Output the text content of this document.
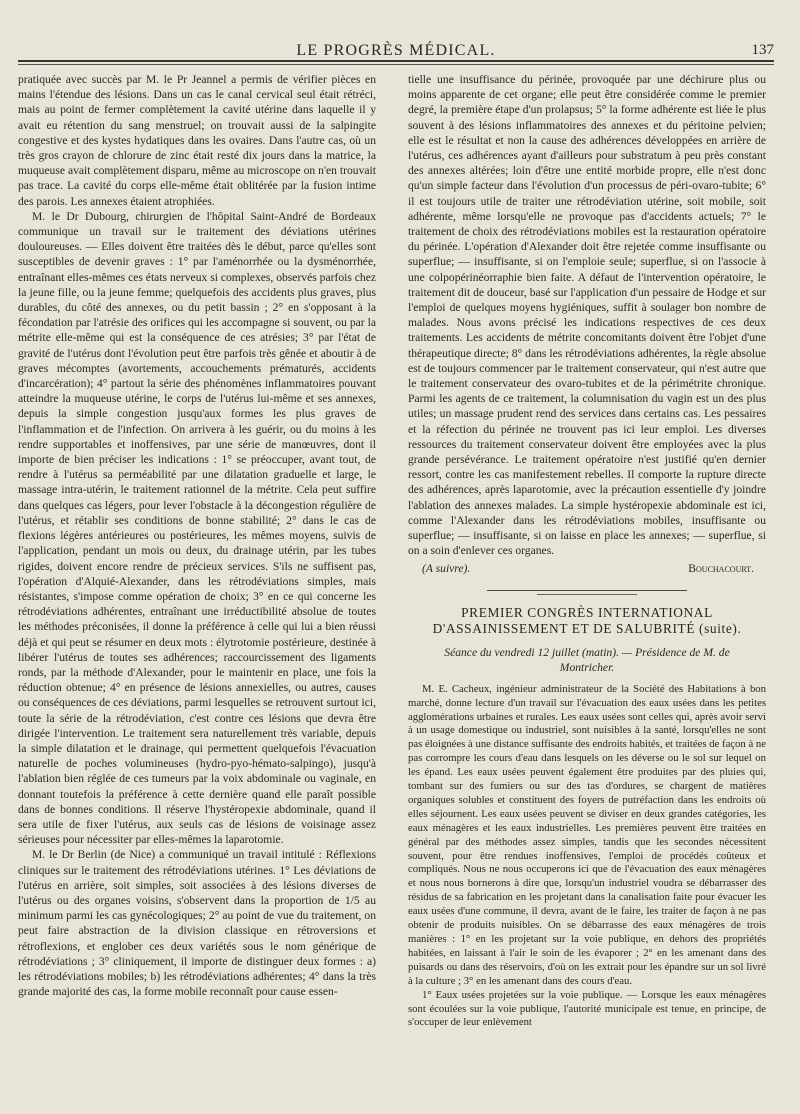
LE PROGRÈS MÉDICAL.	137

pratiquée avec succès par M. le Pr Jeannel a permis de vérifier pièces en mains l'étendue des lésions. Dans un cas le canal cervical seul était rétréci, mais au point de fermer complètement la cavité utérine dans laquelle il y avait eu rétention du sang menstruel; on trouvait aussi de la salpingite congestive et des kystes hydatiques dans les ovaires. Dans l'autre cas, où un très gros crayon de chlorure de zinc était resté dix jours dans la matrice, la muqueuse avait complètement disparu, même au microscope on n'en trouvait pas trace. La cavité du corps elle-même était oblitérée par la fusion intime des parois. Les annexes étaient atrophiées.

M. le Dr Dubourg, chirurgien de l'hôpital Saint-André de Bordeaux communique un travail sur le traitement des déviations utérines douloureuses. — Elles doivent être traitées dès le début, parce qu'elles sont susceptibles de devenir graves : 1° par l'aménorrhée ou la dysménorrhée, entraînant elles-mêmes ces états nerveux si complexes, observés parfois chez la jeune fille, ou la jeune femme; quelquefois des accidents plus graves, plus durables, du côté des annexes, ou du petit bassin ; 2° en s'opposant à la fécondation par l'atrésie des orifices qui les accompagne si souvent, ou par la métrite elle-même qui est la conséquence de ces atrésies; 3° par l'état de gravité de l'utérus dont l'évolution peut être parfois très gênée et aboutir à de graves mécomptes (avortements, accouchements prématurés, accidents d'incarcération); 4° partout la série des phénomènes inflammatoires pouvant atteindre la muqueuse utérine, le corps de l'utérus lui-même et ses annexes, depuis la simple congestion jusqu'aux formes les plus graves de l'inflammation et de l'infection. On arrivera à les guérir, ou du moins à les rendre supportables et inoffensives, par une série de manœuvres, dont il importe de bien préciser les indications : 1° se préoccuper, avant tout, de rendre à l'utérus sa perméabilité par une dilatation graduelle et large, le massage intra-utérin, le traitement rationnel de la métrite. Cela peut suffire dans quelques cas légers, pour lever l'obstacle à la décongestion régulière de l'utérus, et rétablir ses conditions de bonne stabilité; 2° dans le cas de flexions légères antérieures ou postérieures, les mêmes moyens, suivis de l'application, pendant un mois ou deux, du drainage utérin, par les tubes rigides, doivent encore rendre de précieux services. S'ils ne suffisent pas, l'opération d'Alquié-Alexander, dans les rétrodéviations simples, mais résistantes, s'impose comme opération de choix; 3° en ce qui concerne les rétrodéviations adhérentes, entraînant une irréductibilité absolue de toutes les méthodes préconisées, il donne la préférence à celle qui lui a bien réussi déjà et qui peut se résumer en deux mots : élytrotomie postérieure, destinée à libérer l'utérus de toutes ses adhérences; raccourcissement des ligaments ronds, par la méthode d'Alexander, pour le maintenir en place, une fois la réduction obtenue; 4° en présence de lésions annexielles, ou autres, causes ou conséquences de ces déviations, parmi lesquelles se retrouvent surtout ici, toute la série de la rétrodéviation, c'est contre ces lésions que devra être dirigée l'intervention. Le traitement sera naturellement très variable, depuis la simple dilatation et le drainage, qui permettent quelquefois l'évacuation naturelle de poches volumineuses (hydro-pyo-hémato-salpingo), jusqu'à l'ablation bien réglée de ces tumeurs par la voix abdominale ou vaginale, en donnant toutefois la préférence à cette dernière quand elle paraît possible dans de bonnes conditions. Il réserve l'hystéropexie abdominale, quand il sera utile de fixer l'utérus, aux seuls cas de lésions de voisinage assez sérieuses pour nécessiter par elles-mêmes la laparotomie.

M. le Dr Berlin (de Nice) a communiqué un travail intitulé : Réflexions cliniques sur le traitement des rétrodéviations utérines. 1° Les déviations de l'utérus en arrière, soit simples, soit associées à des lésions diverses de l'utérus ou des organes voisins, s'observent dans la proportion de 1/5 au minimum parmi les cas gynécologiques; 2° au point de vue du traitement, on peut faire abstraction de la division classique en rétroversions et rétroflexions, et englober ces deux variétés sous le nom générique de rétrodéviations ; 3° cliniquement, il importe de distinguer deux formes : a) les rétrodéviations mobiles; b) les rétrodéviations adhérentes; 4° dans la très grande majorité des cas, la forme mobile reconnaît pour cause essen-

tielle une insuffisance du périnée, provoquée par une déchirure plus ou moins apparente de cet organe; elle peut être considérée comme le premier degré, la première étape d'un prolapsus; 5° la forme adhérente est liée le plus souvent à des lésions inflammatoires des annexes et du péritoine pelvien; elle est le résultat et non la cause des adhérences développées en arrière de l'utérus, ces adhérences ayant d'ailleurs pour substratum à peu près constant des annexes altérées; loin d'être une entité morbide propre, elle n'est donc qu'un simple facteur dans l'évolution d'un processus de péri-ovaro-tubite; 6° il est toujours utile de traiter une rétrodéviation utérine, soit mobile, soit adhérente, même lorsqu'elle ne provoque pas d'accidents actuels; 7° le traitement de choix des rétrodéviations mobiles est la restauration opératoire du périnée. L'opération d'Alexander doit être rejetée comme insuffisante ou superflue; — insuffisante, si on l'emploie seule; superflue, si on l'associe à une colpopérinéorraphie bien faite. A défaut de l'intervention opératoire, le traitement dit de douceur, basé sur l'application d'un pessaire de Hodge et sur l'emploi de quelques moyens hygiéniques, suffit à soulager bon nombre de malades. Nous avons précisé les indications respectives de ces deux traitements. Les accidents de métrite concomitants doivent être l'objet d'une thérapeutique directe; 8° dans les rétrodéviations adhérentes, la règle absolue est de toujours commencer par le traitement conservateur, qui n'est autre que le traitement conservateur des ovaro-tubites et de la périmétrite chronique. Parmi les agents de ce traitement, la columnisation du vagin est un des plus utiles; un massage prudent rend des services dans certains cas. Les pessaires et la réfection du périnée ne trouvent pas ici leur emploi. Les diverses ressources du traitement conservateur doivent être employées avec la plus grande persévérance. Le traitement opératoire n'est justifié qu'en dernier ressort, contre les cas manifestement rebelles. Il comporte la rupture directe des adhérences, après laparotomie, avec la précaution essentielle d'y joindre l'ablation des annexes malades. La simple hystéropexie abdominale est ici, comme l'Alexander dans les rétrodéviations mobiles, insuffisante ou superflue; — insuffisante, si on laisse en place les annexes; — superflue, si on a soin d'enlever ces organes.

(A suivre).	Bouchacourt.
PREMIER CONGRÈS INTERNATIONAL
D'ASSAINISSEMENT ET DE SALUBRITÉ (suite).
Séance du vendredi 12 juillet (matin). — Présidence de M. de Montricher.

M. E. Cacheux, ingénieur administrateur de la Société des Habitations à bon marché, donne lecture d'un travail sur l'évacuation des eaux usées dans les petites agglomérations urbaines et rurales. Les eaux usées sont celles qui, après avoir servi à un usage domestique ou industriel, sont nuisibles à la santé, lorsqu'elles ne sont pas éloignées à une distance suffisante des endroits habités, et traitées de façon à ne pas corrompre les cours d'eau dans lesquels on les déverse ou le sol sur lequel on les épand. Les eaux usées peuvent également être produites par des pluies qui, tombant sur des fumiers ou sur des tas d'ordures, se chargent de matières organiques solubles et constituent des foyers de putréfaction dans les endroits où elles séjournent. Les eaux usées peuvent se diviser en deux grandes catégories, les eaux ménagères et les eaux industrielles. Les premières peuvent être traitées en général par des méthodes assez simples, tandis que les secondes nécessitent souvent, pour être rendues inoffensives, l'emploi de procédés coûteux et compliqués. Nous ne nous occuperons ici que de l'évacuation des eaux ménagères et nous nous bornerons à dire que, lorsqu'un industriel voudra se débarrasser des résidus de sa fabrication en les projetant dans la canalisation faite pour évacuer les eaux usées d'une commune, il devra, avant de le faire, les traiter de façon à ne pas obtenir de produits nuisibles. On se débarrasse des eaux ménagères de trois manières : 1° en les projetant sur la voie publique, en dehors des propriétés habitées, en laissant à l'air le soin de les évaporer ; 2° en les amenant dans des puisards ou dans des réservoirs, d'où on les extrait pour les épandre sur un sol livré à la culture ; 3° en les amenant dans des cours d'eau.

1° Eaux usées projetées sur la voie publique. — Lorsque les eaux ménagères sont écoulées sur la voie publique, l'autorité municipale est tenue, en principe, de s'occuper de leur enlèvement
